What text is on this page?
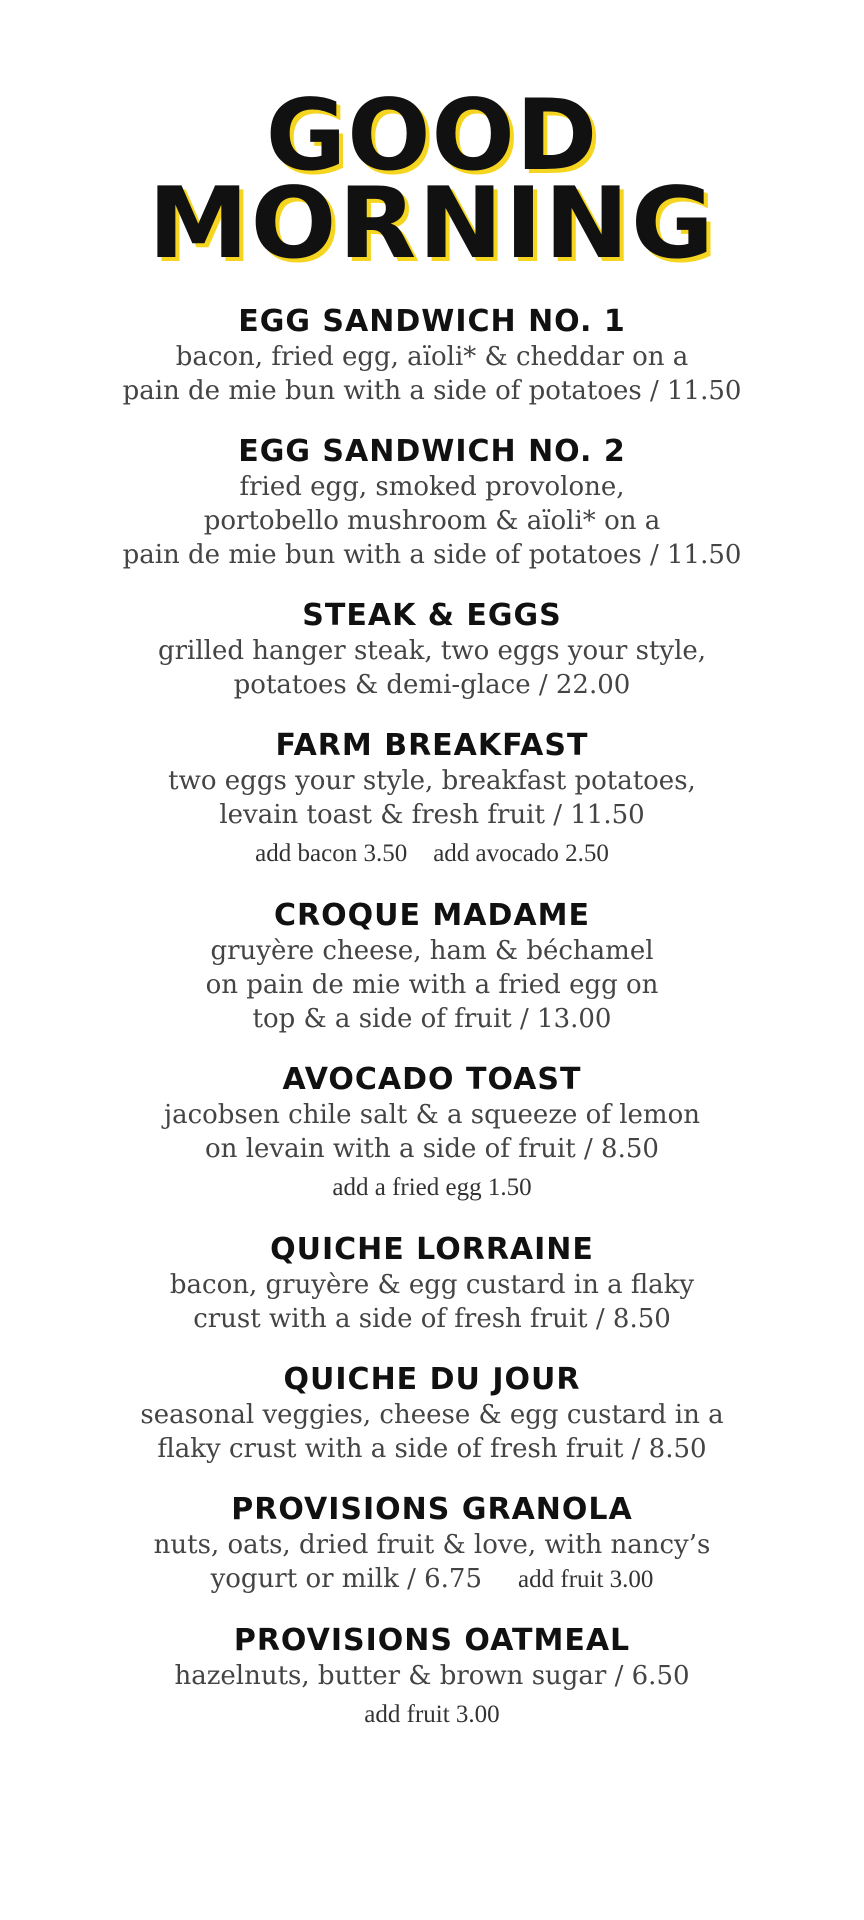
GOOD
MORNING
EGG SANDWICH NO. 1
bacon, fried egg, aïoli* & cheddar on a
pain de mie bun with a side of potatoes / 11.50
EGG SANDWICH NO. 2
fried egg, smoked provolone,
portobello mushroom & aïoli* on a
pain de mie bun with a side of potatoes / 11.50
STEAK & EGGS
grilled hanger steak, two eggs your style,
potatoes & demi-glace / 22.00
FARM BREAKFAST
two eggs your style, breakfast potatoes,
levain toast & fresh fruit / 11.50
add bacon 3.50 add avocado 2.50
CROQUE MADAME
gruyère cheese, ham & béchamel
on pain de mie with a fried egg on
top & a side of fruit / 13.00
AVOCADO TOAST
jacobsen chile salt & a squeeze of lemon
on levain with a side of fruit / 8.50
add a fried egg 1.50
QUICHE LORRAINE
bacon, gruyère & egg custard in a flaky
crust with a side of fresh fruit / 8.50
QUICHE DU JOUR
seasonal veggies, cheese & egg custard in a
flaky crust with a side of fresh fruit / 8.50
PROVISIONS GRANOLA
nuts, oats, dried fruit & love, with nancy’s
yogurt or milk / 6.75 add fruit 3.00
PROVISIONS OATMEAL
hazelnuts, butter & brown sugar / 6.50
add fruit 3.00
